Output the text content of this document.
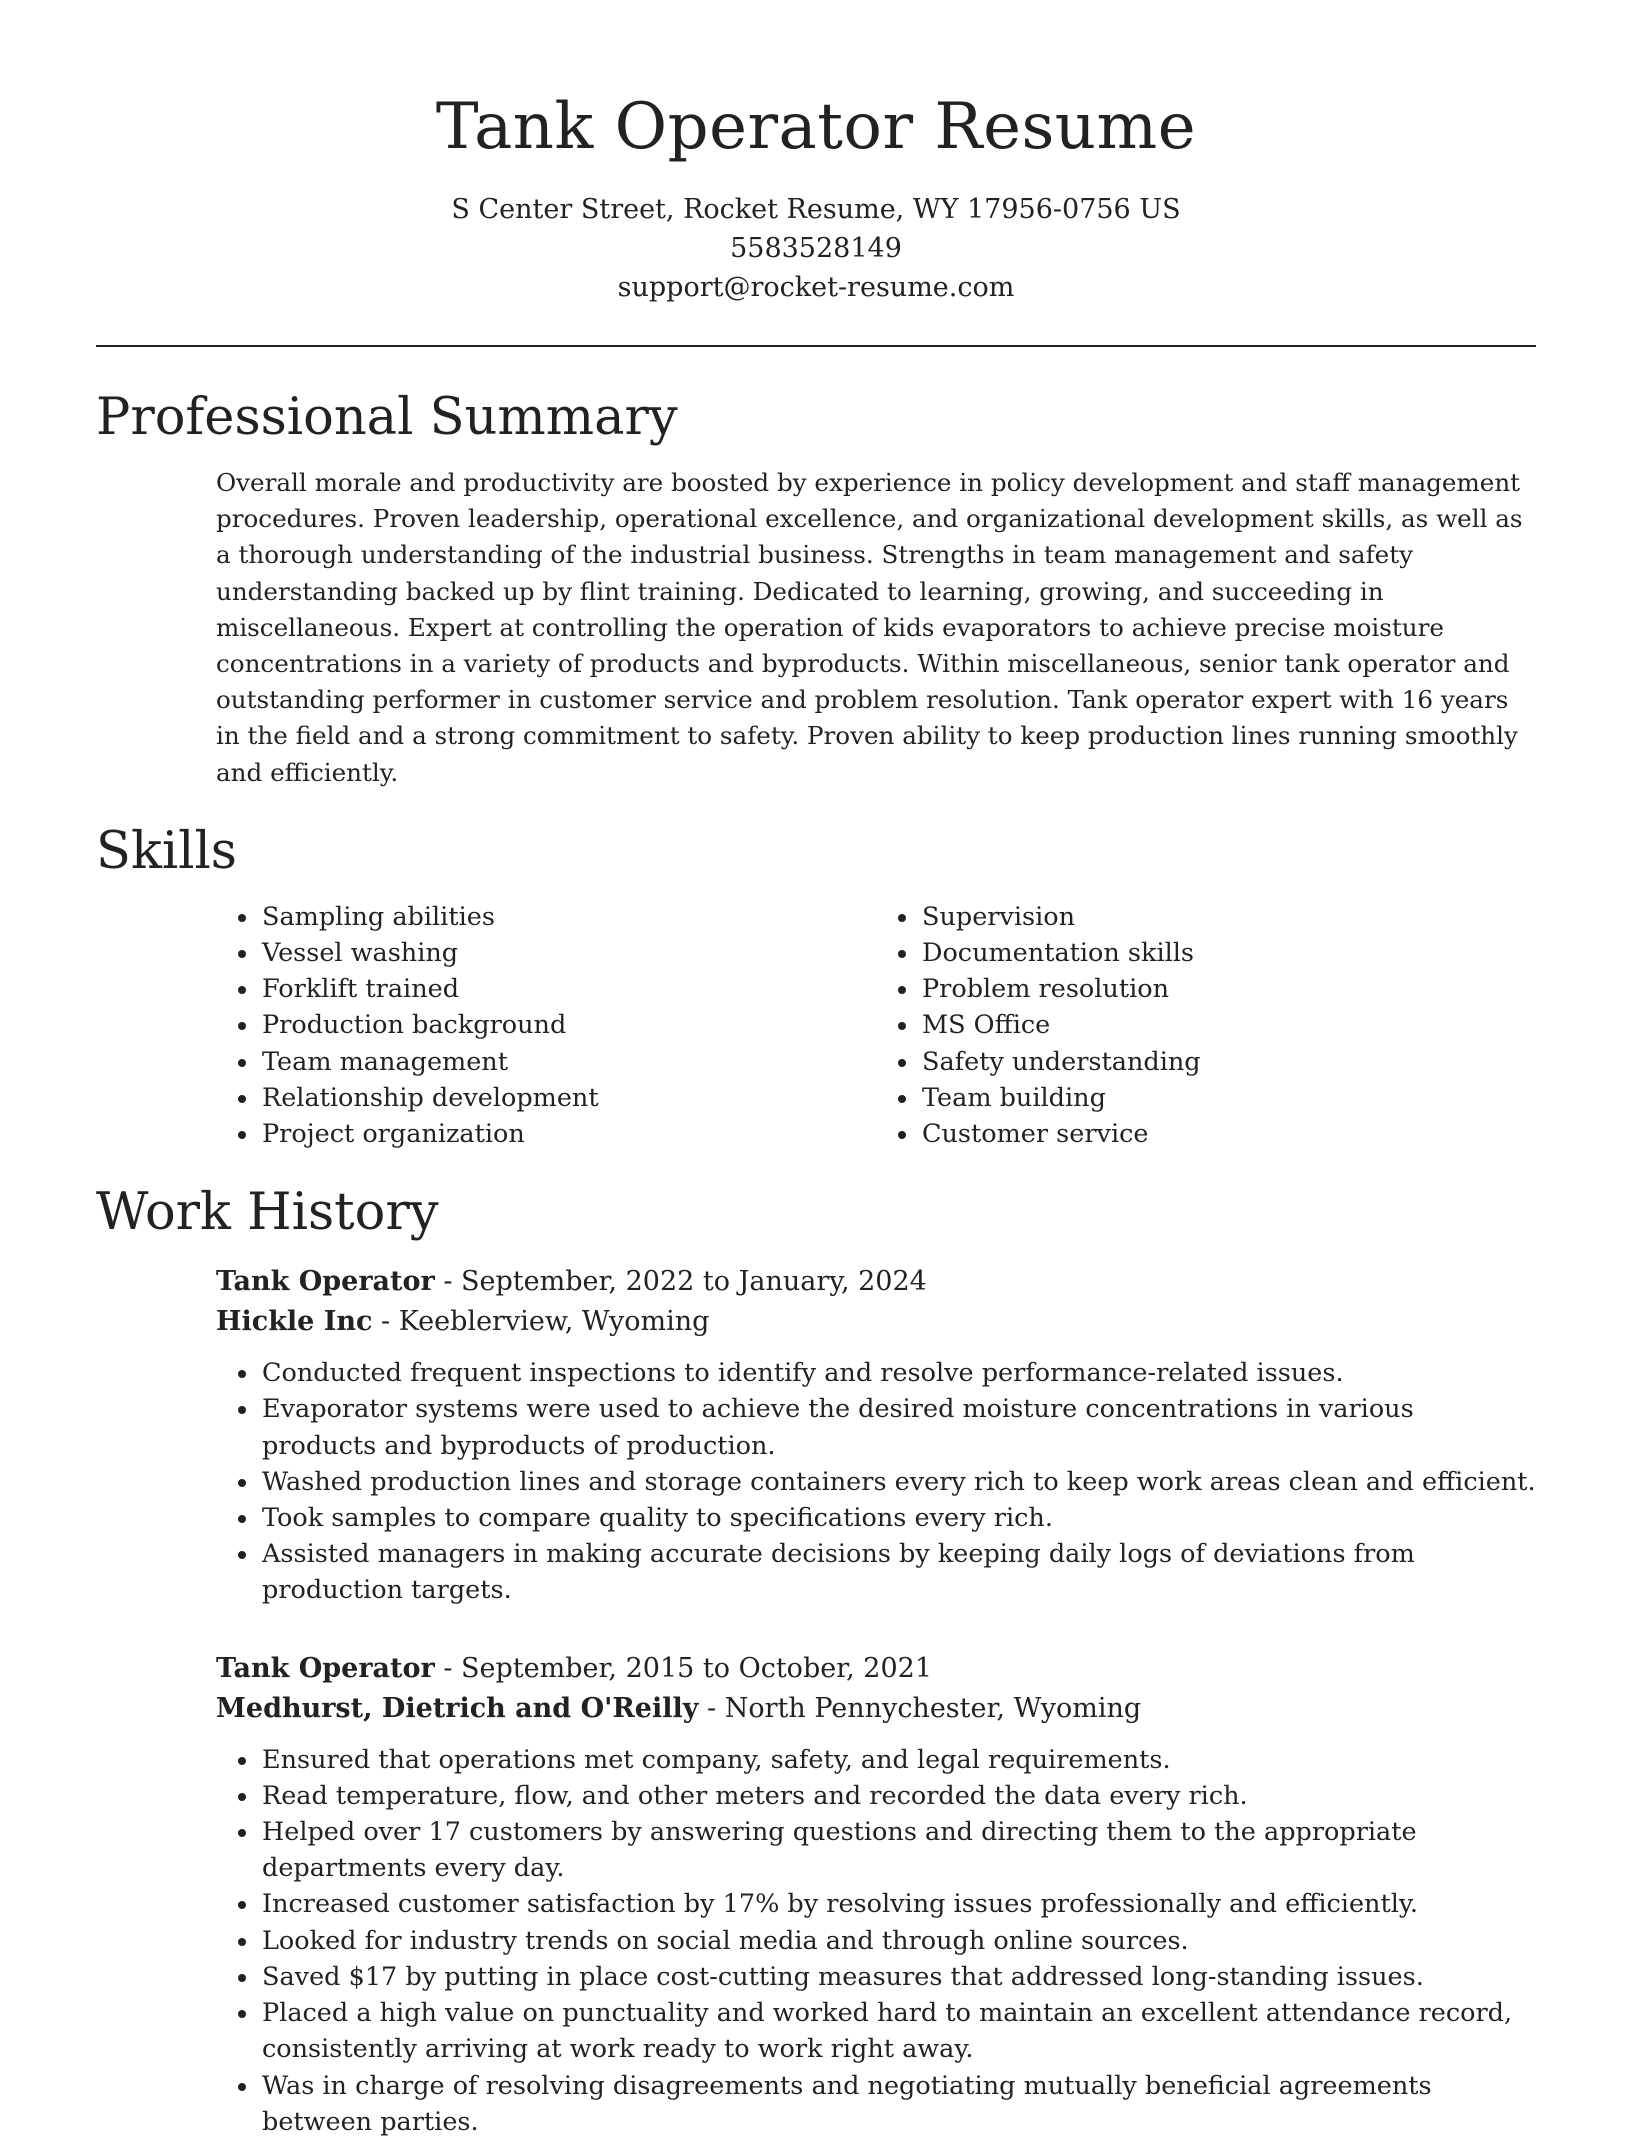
Tank Operator Resume

S Center Street, Rocket Resume, WY 17956-0756 US

5583528149

support@rocket-resume.com

Professional Summary

Overall morale and productivity are boosted by experience in policy development and staff management procedures. Proven leadership, operational excellence, and organizational development skills, as well as a thorough understanding of the industrial business. Strengths in team management and safety understanding backed up by flint training. Dedicated to learning, growing, and succeeding in miscellaneous. Expert at controlling the operation of kids evaporators to achieve precise moisture concentrations in a variety of products and byproducts. Within miscellaneous, senior tank operator and outstanding performer in customer service and problem resolution. Tank operator expert with 16 years in the field and a strong commitment to safety. Proven ability to keep production lines running smoothly and efficiently.

Skills
• Sampling abilities
• Vessel washing
• Forklift trained
• Production background
• Team management
• Relationship development
• Project organization
• Supervision
• Documentation skills
• Problem resolution
• MS Office
• Safety understanding
• Team building
• Customer service
Work History
Tank Operator - September, 2022 to January, 2024
Hickle Inc - Keeblerview, Wyoming
• Conducted frequent inspections to identify and resolve performance-related issues.
• Evaporator systems were used to achieve the desired moisture concentrations in various products and byproducts of production.
• Washed production lines and storage containers every rich to keep work areas clean and efficient.
• Took samples to compare quality to specifications every rich.
• Assisted managers in making accurate decisions by keeping daily logs of deviations from production targets.
Tank Operator - September, 2015 to October, 2021
Medhurst, Dietrich and O'Reilly - North Pennychester, Wyoming
• Ensured that operations met company, safety, and legal requirements.
• Read temperature, flow, and other meters and recorded the data every rich.
• Helped over 17 customers by answering questions and directing them to the appropriate departments every day.
• Increased customer satisfaction by 17% by resolving issues professionally and efficiently.
• Looked for industry trends on social media and through online sources.
• Saved $17 by putting in place cost-cutting measures that addressed long-standing issues.
• Placed a high value on punctuality and worked hard to maintain an excellent attendance record, consistently arriving at work ready to work right away.
• Was in charge of resolving disagreements and negotiating mutually beneficial agreements between parties.
